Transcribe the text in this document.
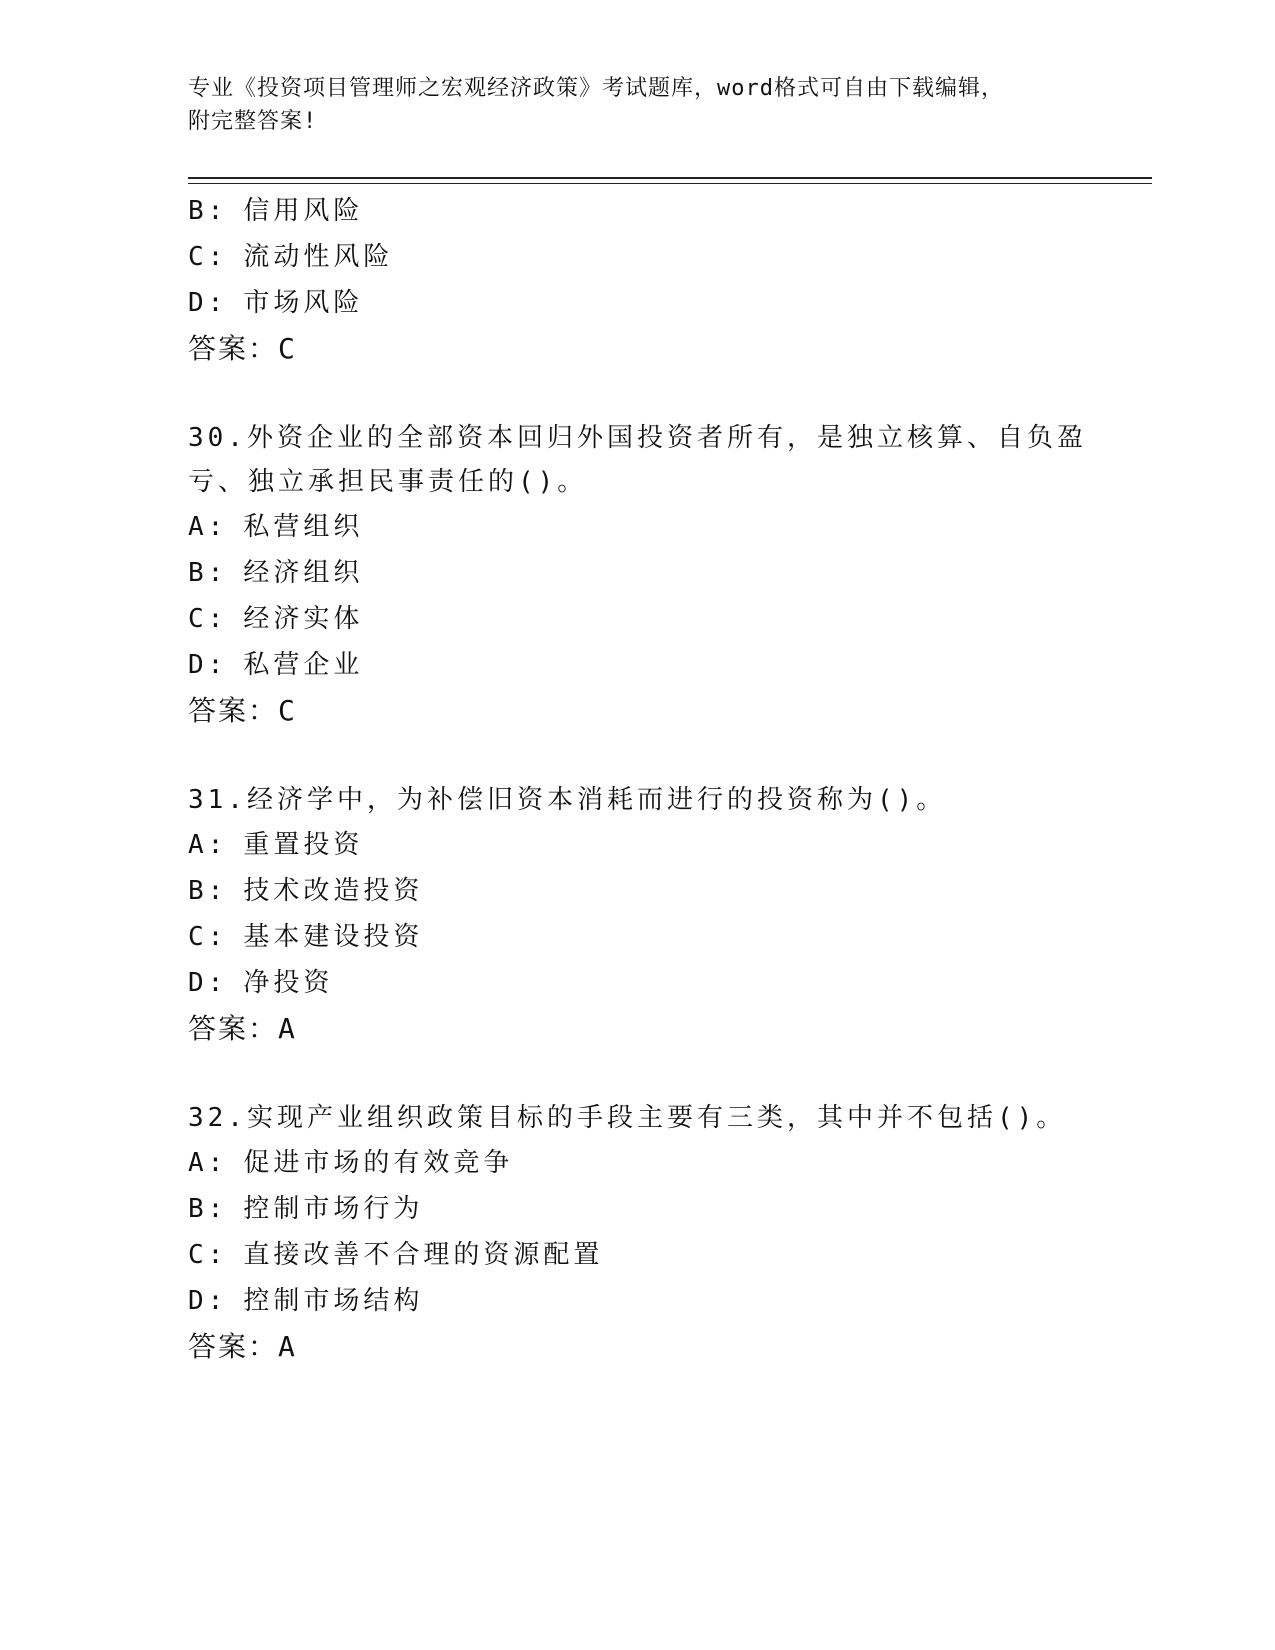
专业《投资项目管理师之宏观经济政策》考试题库，word格式可自由下载编辑，
附完整答案!
B: 信用风险
C: 流动性风险
D: 市场风险
答案：C
30.外资企业的全部资本回归外国投资者所有，是独立核算、自负盈亏、独立承担民事责任的()。
A: 私营组织
B: 经济组织
C: 经济实体
D: 私营企业
答案：C
31.经济学中，为补偿旧资本消耗而进行的投资称为()。
A: 重置投资
B: 技术改造投资
C: 基本建设投资
D: 净投资
答案：A
32.实现产业组织政策目标的手段主要有三类，其中并不包括()。
A: 促进市场的有效竞争
B: 控制市场行为
C: 直接改善不合理的资源配置
D: 控制市场结构
答案：A
